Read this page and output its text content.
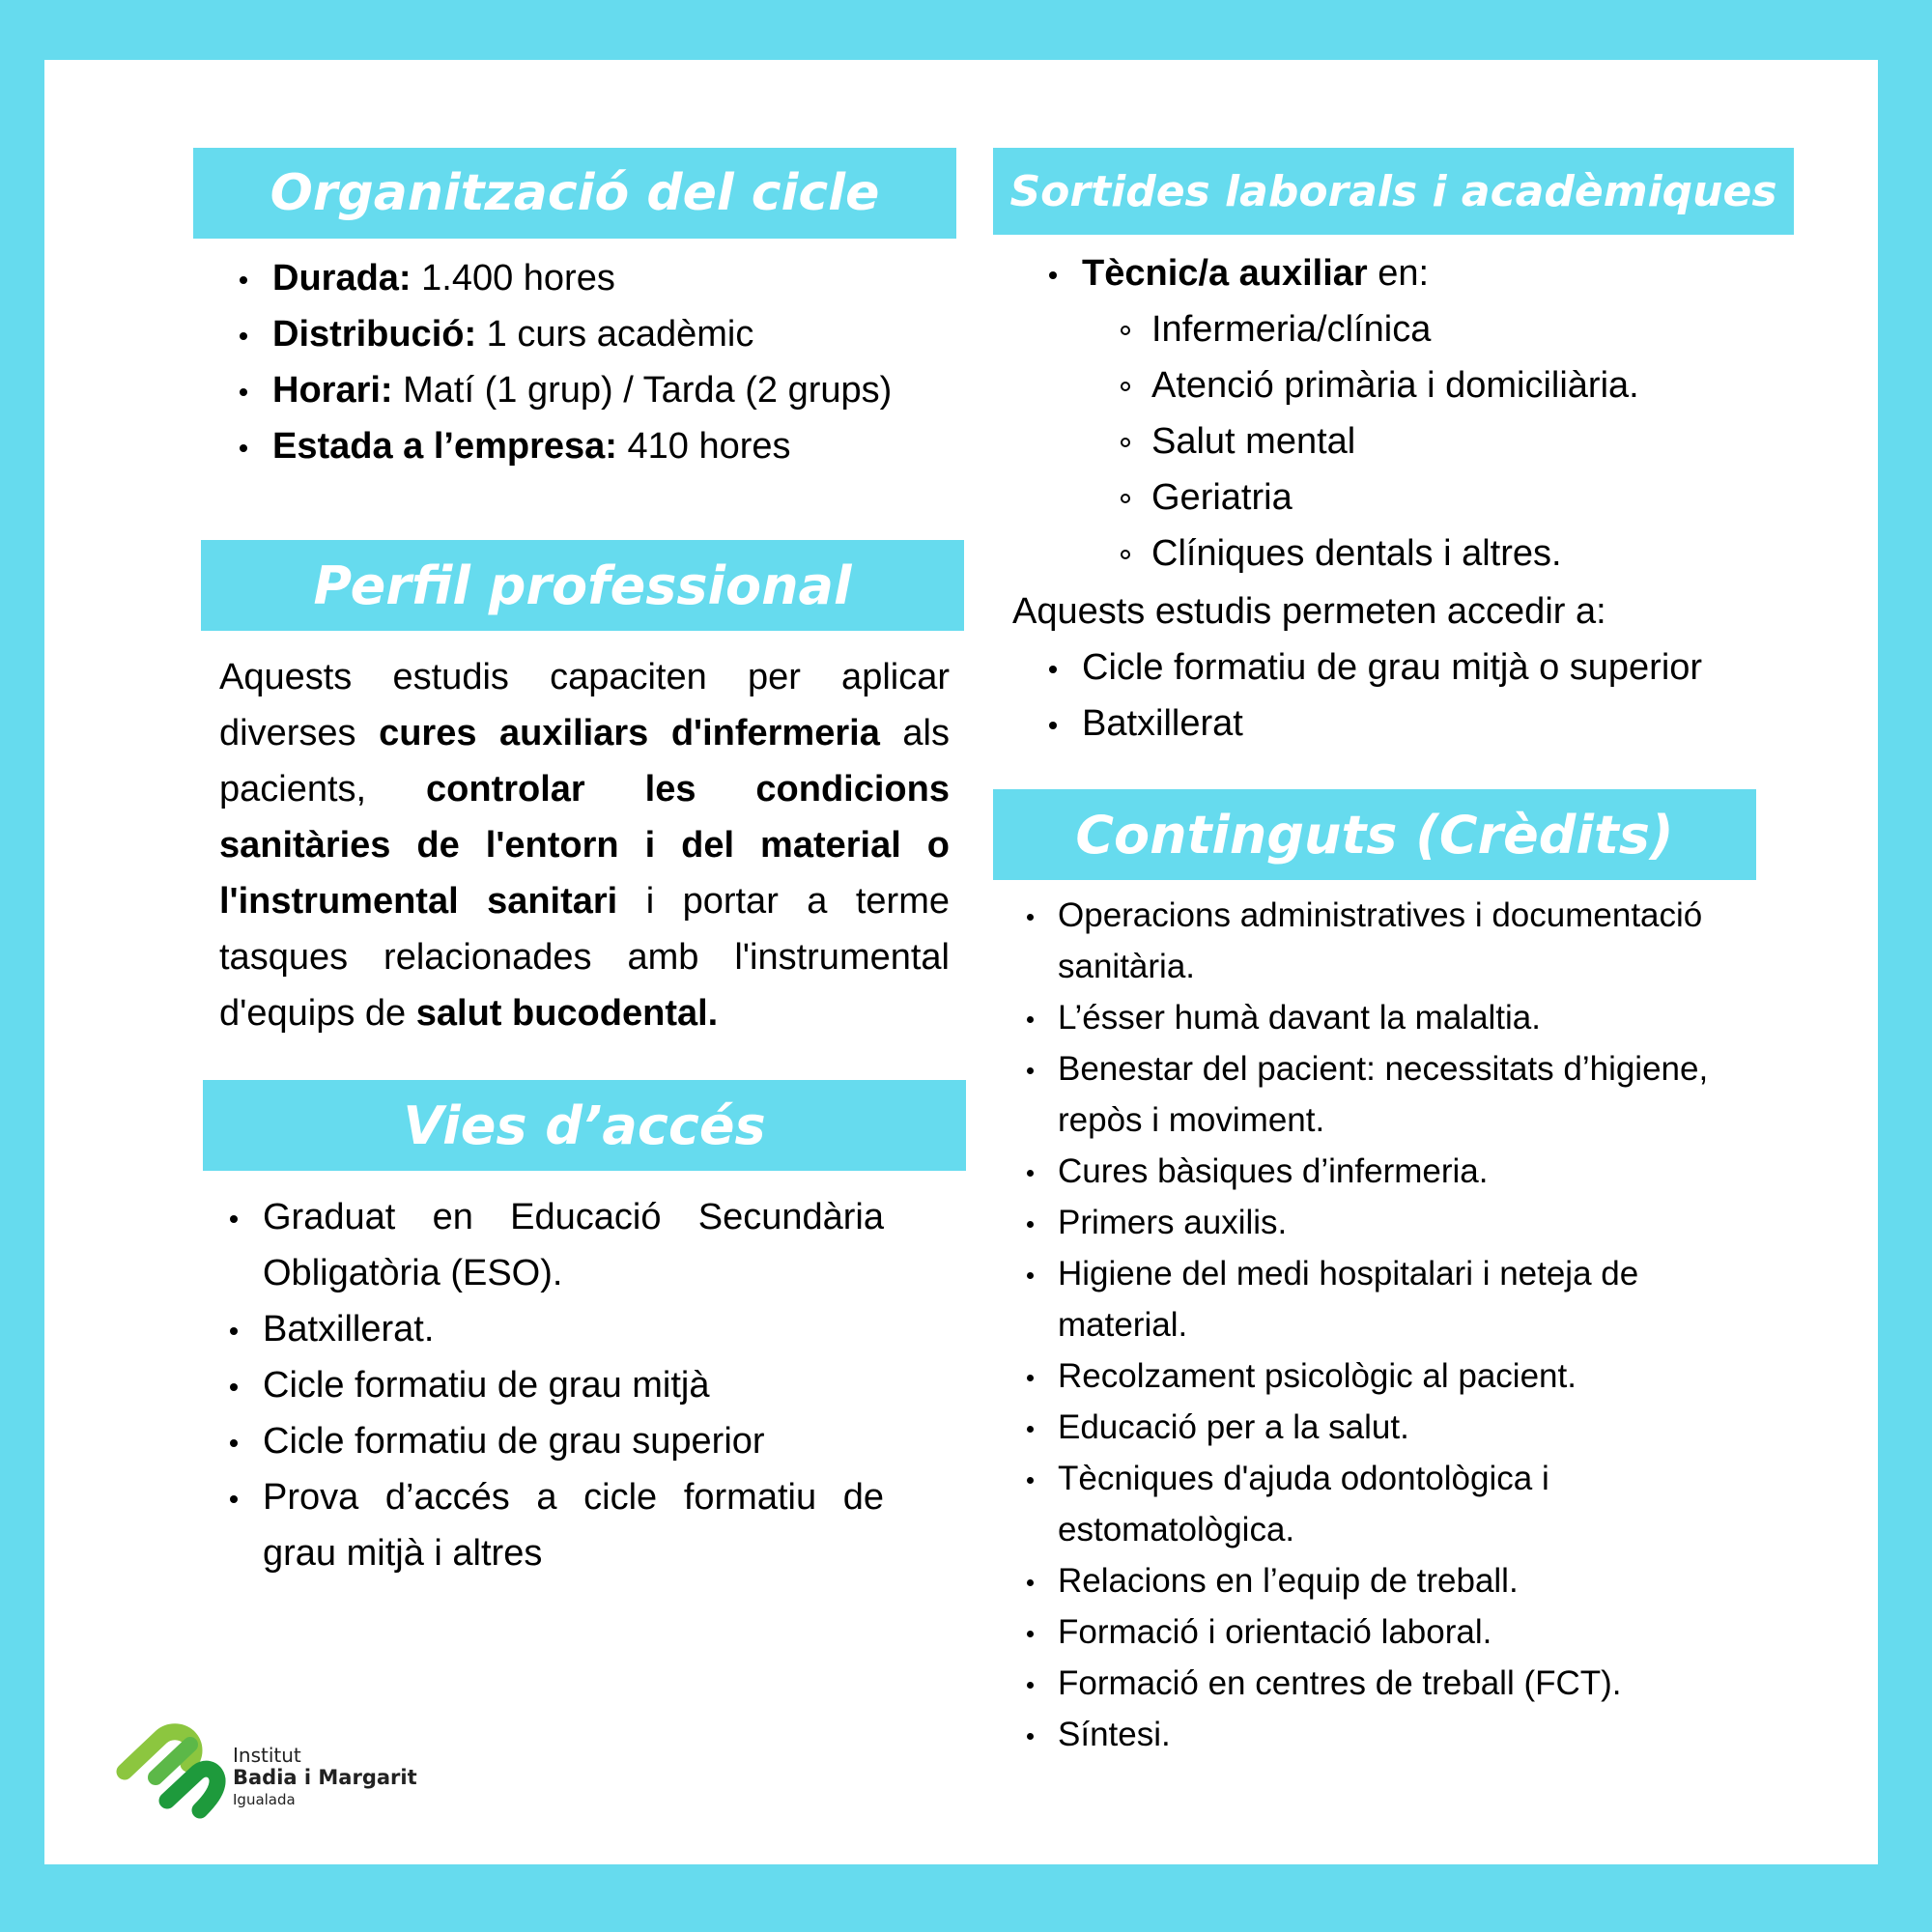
Organització del cicle
Durada: 1.400 hores
Distribució: 1 curs acadèmic
Horari: Matí (1 grup) / Tarda (2 grups)
Estada a l’empresa: 410 hores
Perfil professional

Aquests estudis capaciten per aplicar diverses cures auxiliars d'infermeria als pacients, controlar les condicions sanitàries de l'entorn i del material o l'instrumental sanitari i portar a terme tasques relacionades amb l'instrumental d'equips de salut bucodental.

Vies d’accés
Graduat en Educació Secundària Obligatòria (ESO).
Batxillerat.
Cicle formatiu de grau mitjà
Cicle formatiu de grau superior
Prova d’accés a cicle formatiu de grau mitjà i altres
Sortides laborals i acadèmiques
Tècnic/a auxiliar en:
Infermeria/clínica
Atenció primària i domiciliària.
Salut mental
Geriatria
Clíniques dentals i altres.
Aquests estudis permeten accedir a:
Cicle formatiu de grau mitjà o superior
Batxillerat
Continguts (Crèdits)
Operacions administratives i documentació sanitària.
L’ésser humà davant la malaltia.
Benestar del pacient: necessitats d’higiene, repòs i moviment.
Cures bàsiques d’infermeria.
Primers auxilis.
Higiene del medi hospitalari i neteja de material.
Recolzament psicològic al pacient.
Educació per a la salut.
Tècniques d'ajuda odontològica i estomatològica.
Relacions en l’equip de treball.
Formació i orientació laboral.
Formació en centres de treball (FCT).
Síntesi.
Institut
Badia i Margarit
Igualada
